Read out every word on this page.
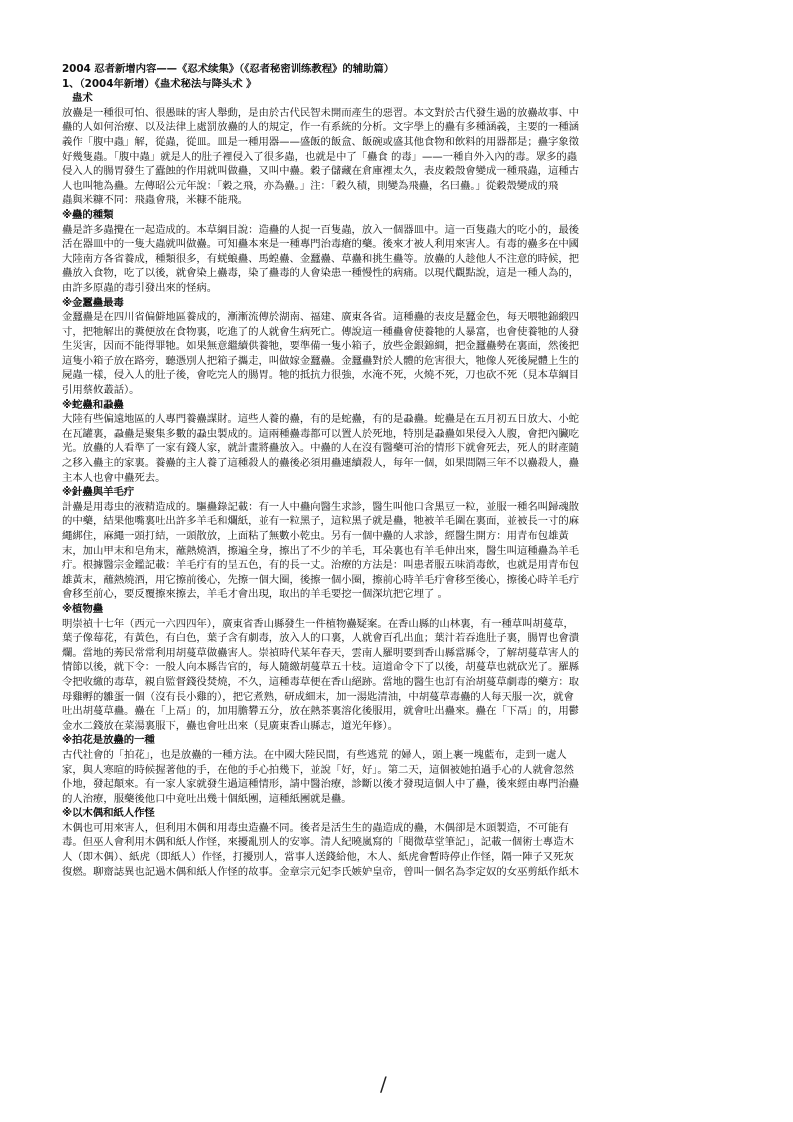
2004 忍者新增内容——《忍术续集》（《忍者秘密训练教程》的辅助篇）
1、（2004年新增）《蛊术秘法与降头术 》
蛊术
放蠱是一種很可怕、很愚昧的害人舉動，是由於古代民智未開而產生的惡習。本文對於古代發生過的放蠱故事、中
蠱的人如何治療、以及法律上處罰放蠱的人的規定，作一有系統的分析。文字學上的蠱有多種涵義，主要的一種涵
義作「腹中蟲」解，從蟲，從皿。皿是一種用器——盛飯的飯盒、飯碗或盛其他食物和飲料的用器都是；蠱字象徵
好幾隻蟲。「腹中蟲」就是人的肚子裡侵入了很多蟲，也就是中了「蠱食 的毒」——一種自外入內的毒。眾多的蟲
侵入人的腸胃發生了蠹蝕的作用就叫做蠱，又叫中蠱。穀子儲藏在倉庫裡太久，表皮穀殼會變成一種飛蟲，這種古
人也叫牠為蠱。左傳昭公元年說：「穀之飛，亦為蠱。」注：「穀久積，則變為飛蠱，名曰蠱。」從穀殼變成的飛
蟲與米糠不同：飛蟲會飛，米糠不能飛。
※蠱的種類
蠱是許多蟲攪在一起造成的。本草綱目說：造蠱的人捉一百隻蟲，放入一個器皿中。這一百隻蟲大的吃小的，最後
活在器皿中的一隻大蟲就叫做蠱。可知蠱本來是一種專門治毒瘡的藥。後來才被人利用來害人。有毒的蠱多在中國
大陸南方各省養成，種類很多，有蜣蜋蠱、馬蝗蠱、金蠶蠱、草蠱和挑生蠱等。放蠱的人趁他人不注意的時候，把
蠱放入食物，吃了以後，就會染上蠱毒，染了蠱毒的人會染患一種慢性的病痛。以現代觀點說，這是一種人為的，
由許多原蟲的毒引發出來的怪病。
※金蠶蠱最毒
金蠶蠱是在四川省偏僻地區養成的，漸漸流傳於湖南、福建、廣東各省。這種蠱的表皮是蠶金色，每天喂牠錦緞四
寸，把牠解出的糞便放在食物裏，吃進了的人就會生病死亡。傳說這一種蠱會使養牠的人暴富，也會使養牠的人發
生災害，因而不能得罪牠。如果無意繼續供養牠，要準備一隻小箱子，放些金銀錦綢，把金蠶蠱勢在裏面，然後把
這隻小箱子放在路旁，聽憑別人把箱子攜走，叫做嫁金蠶蠱。金蠶蠱對於人體的危害很大，牠像人死後屍體上生的
屍蟲一樣，侵入人的肚子後，會吃完人的腸胃。牠的抵抗力很強，水淹不死，火燒不死，刀也砍不死（見本草綱目
引用蔡攸叢話）。
※蛇蠱和蝨蠱
大陸有些偏遠地區的人專門養蠱謀財。這些人養的蠱，有的是蛇蠱，有的是蝨蠱。蛇蠱是在五月初五日放大、小蛇
在瓦罐裏，蝨蠱是聚集多數的蝨虫製成的。這兩種蠱毒都可以置人於死地，特別是蝨蠱如果侵入人腹，會把內臟吃
光。放蠱的人看準了一家有錢人家，就計畫將蠱放入。中蠱的人在沒有醫藥可治的情形下就會死去，死人的財產隨
之移入蠱主的家裏。養蠱的主人養了這種殺人的蠱後必須用蠱連續殺人，每年一個，如果間隔三年不以蠱殺人，蠱
主本人也會中蠱死去。
※針蠱與羊毛疔
計蠱是用毒虫的液精造成的。驅蠱錄記載：有一人中蠱向醫生求診，醫生叫他口含黑豆一粒，並服一種名叫歸魂散
的中藥，結果他嘴裏吐出許多羊毛和爛紙，並有一粒黑子，這粒黑子就是蠱，牠被羊毛圍在裏面，並被長一寸的麻
繩綁住，麻繩一頭打結，一頭散放，上面粘了無數小乾虫。另有一個中蠱的人求診，經醫生開方：用青布包雄黃
末，加山甲末和皂角末，蘸熱燒酒，擦遍全身，擦出了不少的羊毛，耳朵裏也有羊毛伸出來，醫生叫這種蠱為羊毛
疔。根據醫宗金鑑記載：羊毛疔有的呈五色，有的長一丈。治療的方法是：叫患者服五味消毒飲，也就是用青布包
雄黃末，蘸熱燒酒，用它擦前後心，先擦一個大圈，後擦一個小圈，擦前心時羊毛疔會移至後心，擦後心時羊毛疔
會移至前心，要反覆擦來擦去，羊毛才會出現，取出的羊毛要挖一個深坑把它埋了 。
※植物蠱
明崇禎十七年（西元一六四四年），廣東省香山縣發生一件植物蠱疑案。在香山縣的山林裏，有一種草叫胡蔓草，
葉子像莓花，有黃色，有白色，葉子含有劇毒，放入人的口裏，人就會百孔出血；葉汁若吞進肚子裏，腸胃也會潰
爛。當地的莠民常常利用胡蔓草做蠱害人。崇禎時代某年春天，雲南人羅明要到香山縣當縣令，了解胡蔓草害人的
情節以後，就下令：一般人向本縣告官的，每人隨繳胡蔓草五十枝。這道命令下了以後，胡蔓草也就砍光了。羅縣
令把收繳的毒草，親自監督錢役焚燒，不久，這種毒草便在香山絕跡。當地的醫生也訂有治胡蔓草劇毒的藥方：取
母雞孵的雛蛋一個（沒有長小雞的），把它煮熟，研成細末，加一湯匙清油，中胡蔓草毒蠱的人每天服一次，就會
吐出胡蔓草蠱。蠱在「上鬲」的，加用膽礬五分，放在熱茶裏溶化後服用，就會吐出蠱來。蠱在「下鬲」的，用鬱
金水二錢放在菜湯裏服下，蠱也會吐出來（見廣東香山縣志，道光年修）。
※拍花是放蠱的一種
古代社會的「拍花」，也是放蠱的一種方法。在中國大陸民間，有些逃荒 的婦人，頭上裹一塊藍布，走到一處人
家，與人寒暄的時候握著他的手，在他的手心拍幾下，並說「好，好」。第二天，這個被她拍過手心的人就會忽然
仆地，發起顛來。有一家人家就發生過這種情形，請中醫治療，診斷以後才發現這個人中了蠱，後來經由專門治蠱
的人治療，服藥後他口中竟吐出幾十個紙團，這種紙團就是蠱。
※以木偶和紙人作怪
木偶也可用來害人，但利用木偶和用毒虫造蠱不同。後者是活生生的蟲造成的蠱，木偶卻是木頭製造，不可能有
毒。但巫人會利用木偶和紙人作怪，來擾亂別人的安寧。清人紀曉嵐寫的「閱微草堂筆記」，記載一個術士專造木
人（即木偶）、紙虎（即紙人）作怪，打擾別人，當事人送錢給他，木人、紙虎會暫時停止作怪，隔一陣子又死灰
復燃。聊齋誌異也記過木偶和紙人作怪的故事。金章宗元妃李氏嫉妒皇帝，曾叫一個名為李定奴的女巫剪紙作紙木
/
